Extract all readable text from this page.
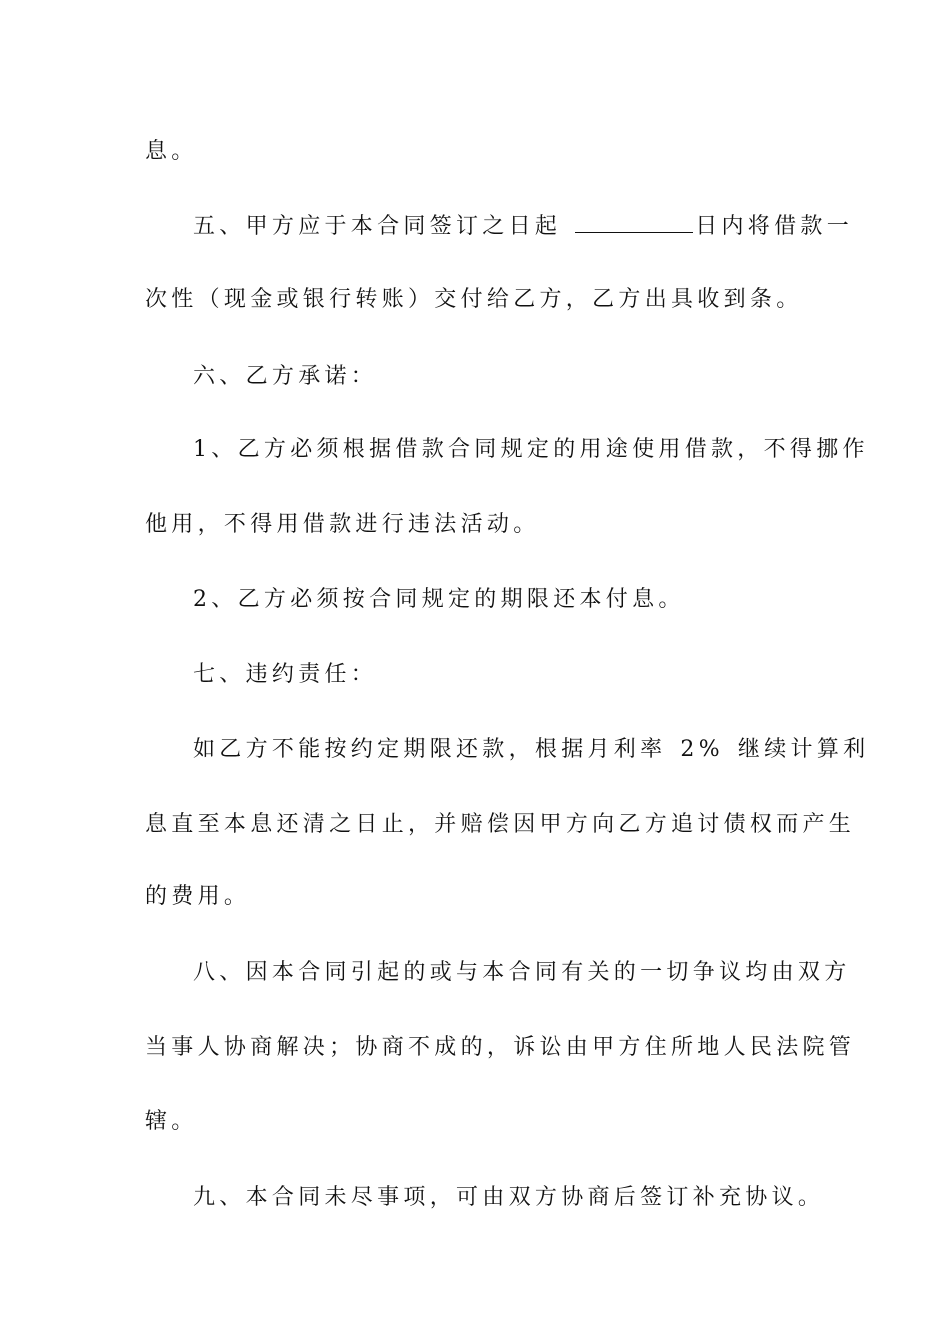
息。
五、甲方应于本合同签订之日起	日内将借款一
次性（现金或银行转账）交付给乙方，乙方出具收到条。
六、乙方承诺：
1、乙方必须根据借款合同规定的用途使用借款，不得挪作
他用，不得用借款进行违法活动。
2、乙方必须按合同规定的期限还本付息。
七、违约责任：
如乙方不能按约定期限还款，根据月利率 2% 继续计算利
息直至本息还清之日止，并赔偿因甲方向乙方追讨债权而产生
的费用。
八、因本合同引起的或与本合同有关的一切争议均由双方
当事人协商解决；协商不成的，诉讼由甲方住所地人民法院管
辖。
九、本合同未尽事项，可由双方协商后签订补充协议。
